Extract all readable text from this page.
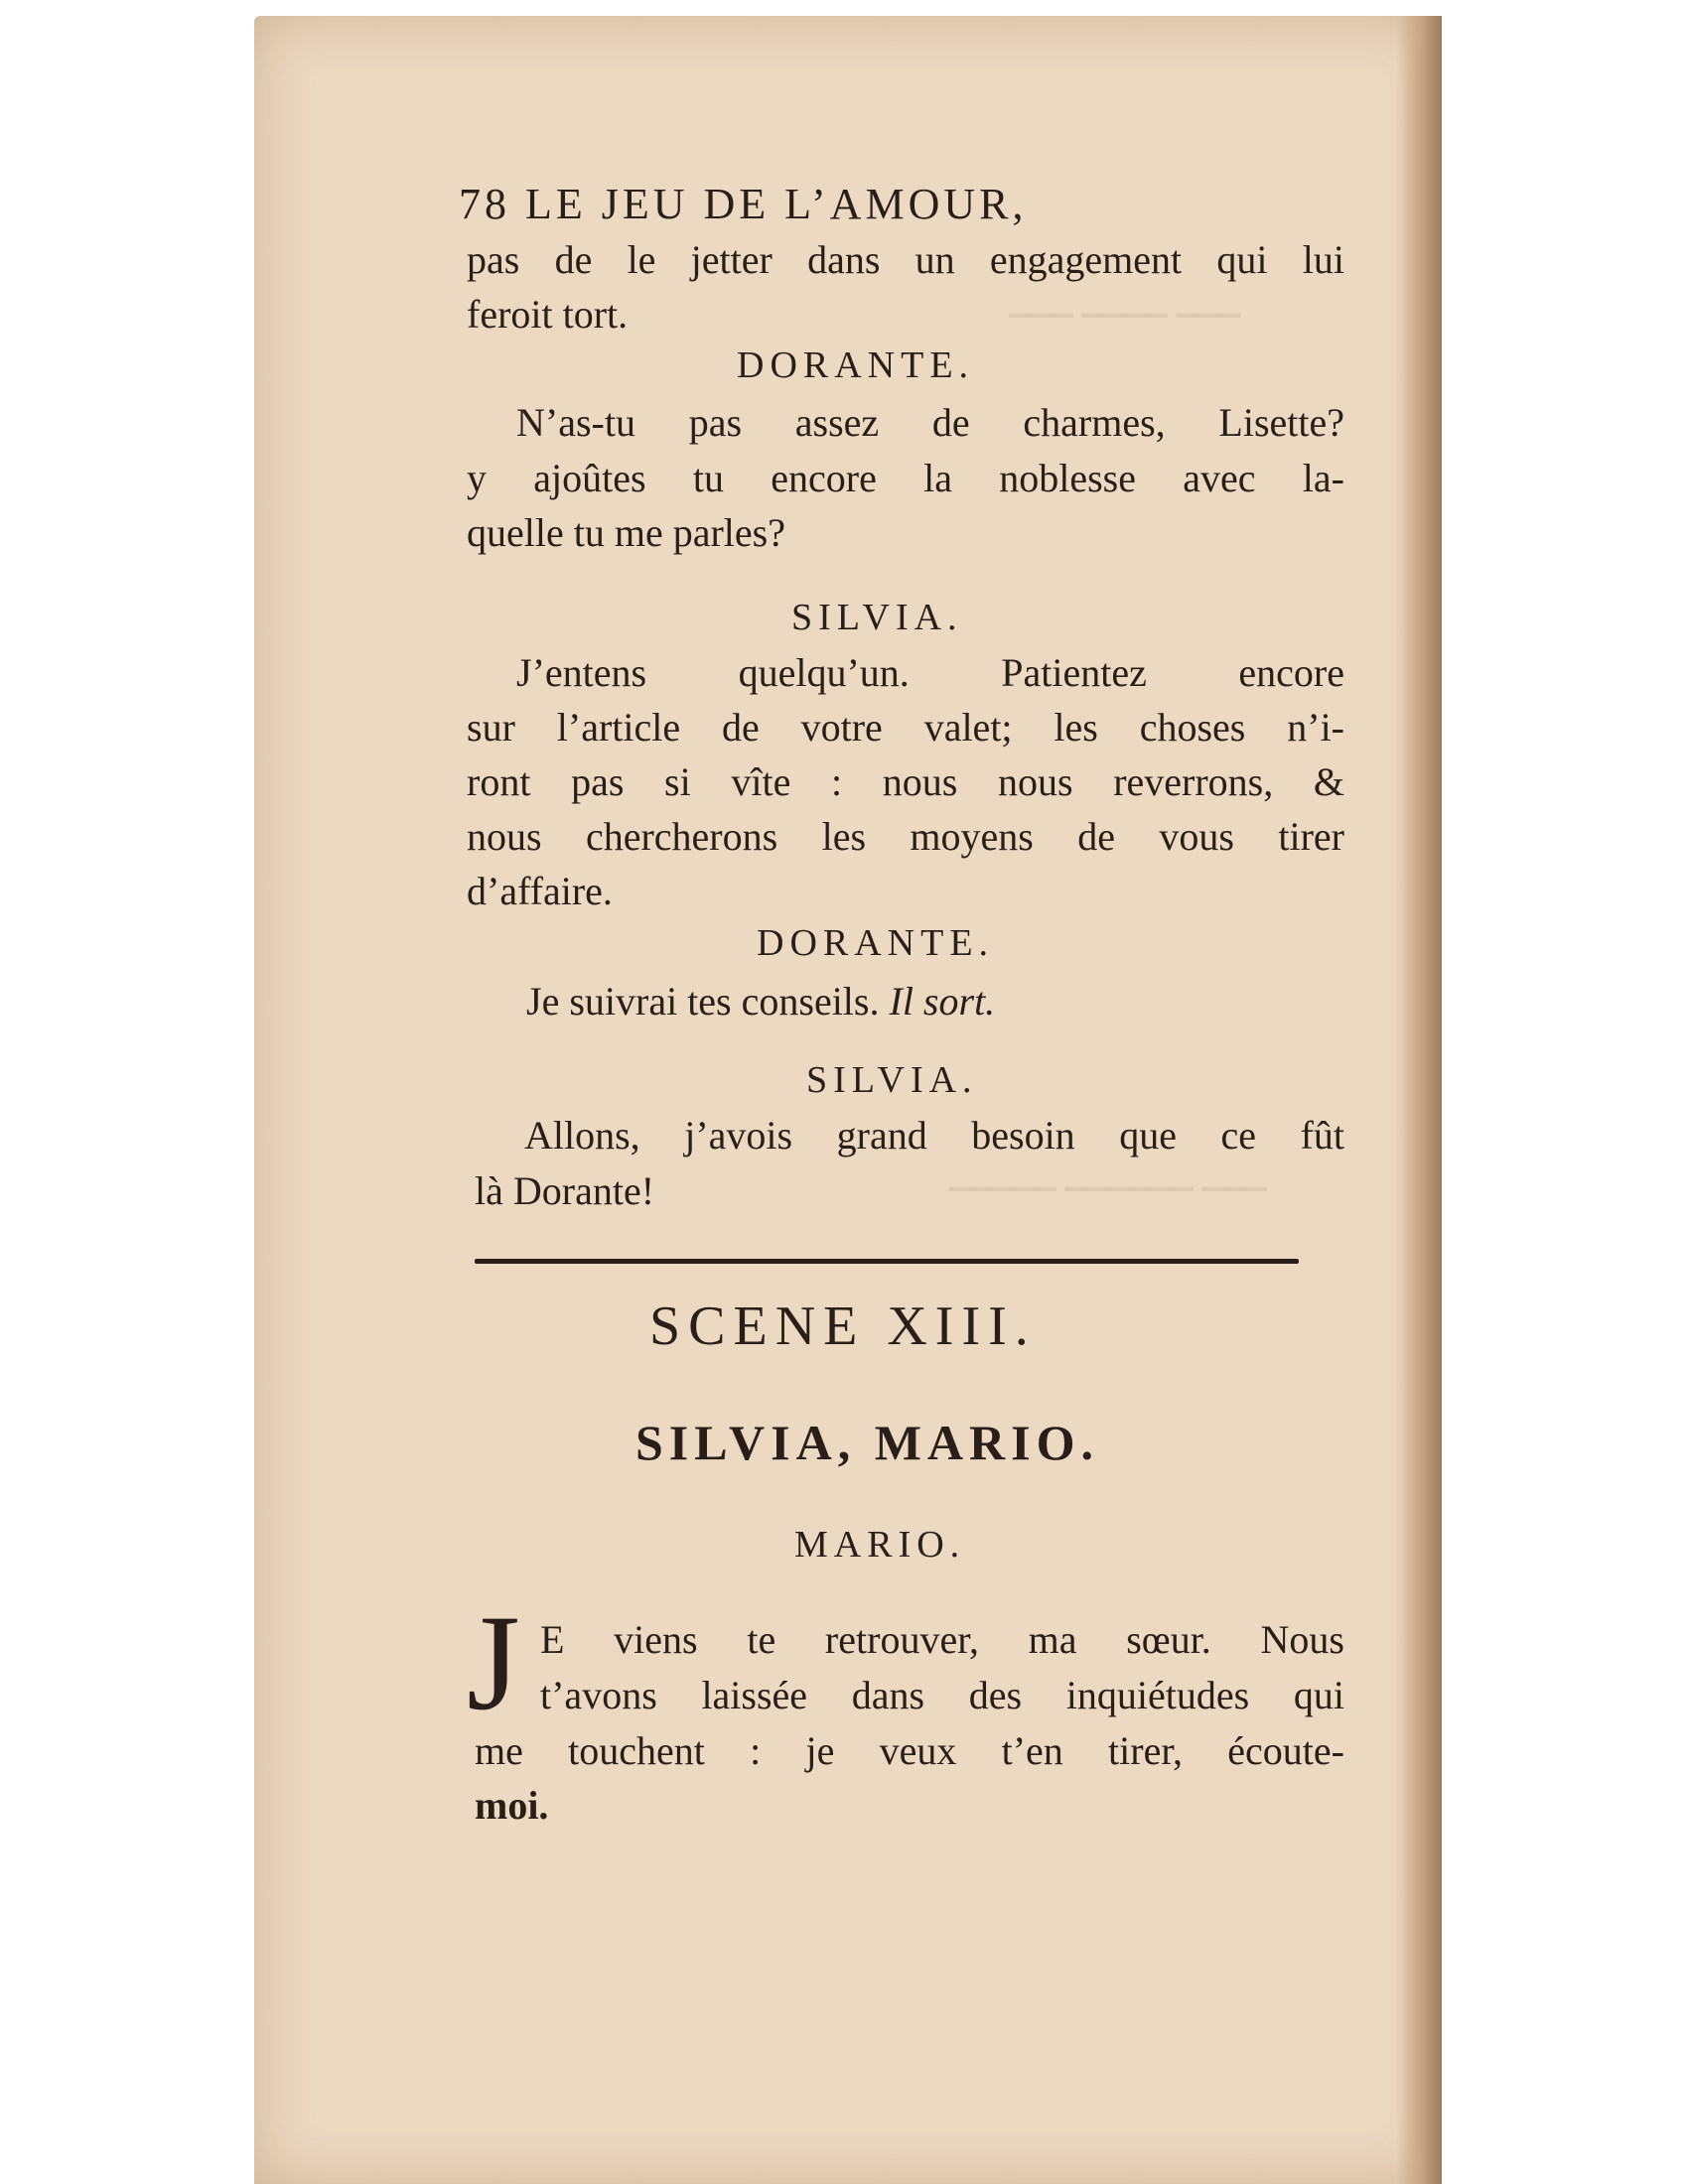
▔▔▔ ▔▔▔▔ ▔▔▔
▔▔▔▔▔ ▔▔▔▔▔▔ ▔▔▔
78 LE JEU DE L’AMOUR,
pas de le jetter dans un engagement qui lui
feroit tort.
DORANTE.
N’as-tu pas assez de charmes, Lisette?
y ajoûtes tu encore la noblesse avec la-
quelle tu me parles?
SILVIA.
J’entens quelqu’un. Patientez encore
sur l’article de votre valet; les choses n’i-
ront pas si vîte : nous nous reverrons, &
nous chercherons les moyens de vous tirer
d’affaire.
DORANTE.
Je suivrai tes conseils. Il sort.
SILVIA.
Allons, j’avois grand besoin que ce fût
là Dorante!
SCENE XIII.
SILVIA, MARIO.
MARIO.
J E viens te retrouver, ma sœur. Nous
t’avons laissée dans des inquiétudes qui
me touchent : je veux t’en tirer, écoute-
moi.
